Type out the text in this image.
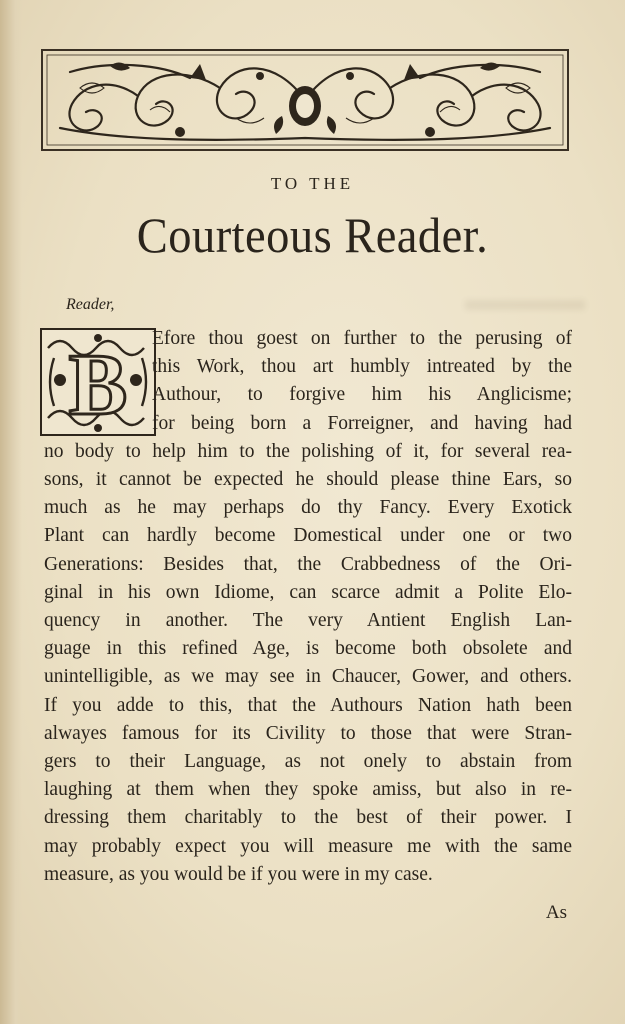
TO THE
Courteous Reader.
Reader,
B Efore thou goest on further to the perusing of
this Work, thou art humbly intreated by the
Authour, to forgive him his Anglicisme;
for being born a Forreigner, and having had
no body to help him to the polishing of it, for several rea-
sons, it cannot be expected he should please thine Ears, so
much as he may perhaps do thy Fancy. Every Exotick
Plant can hardly become Domestical under one or two
Generations: Besides that, the Crabbedness of the Ori-
ginal in his own Idiome, can scarce admit a Polite Elo-
quency in another. The very Antient English Lan-
guage in this refined Age, is become both obsolete and
unintelligible, as we may see in Chaucer, Gower, and others.
If you adde to this, that the Authours Nation hath been
alwayes famous for its Civility to those that were Stran-
gers to their Language, as not onely to abstain from
laughing at them when they spoke amiss, but also in re-
dressing them charitably to the best of their power. I
may probably expect you will measure me with the same
measure, as you would be if you were in my case.
As
